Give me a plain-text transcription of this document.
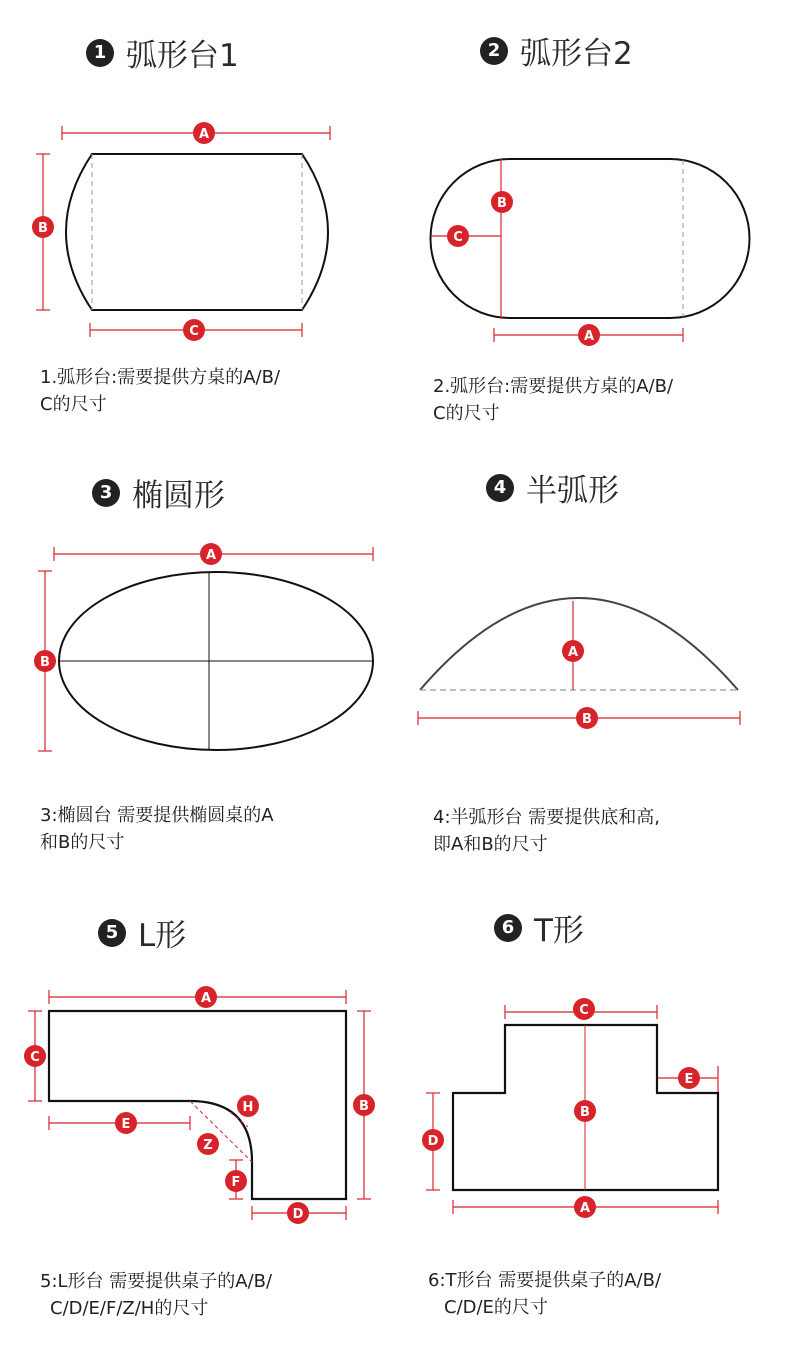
1 弧形台1
A
B
C	A
B
C
A
B
A
B
A
B
C
D
E
F
Z
H
A
B
C
D
E
1.弧形台:需要提供方桌的A/B/
C的尺寸
2 弧形台2
2.弧形台:需要提供方桌的A/B/
C的尺寸
3 椭圆形
3:椭圆台 需要提供椭圆桌的A
和B的尺寸
4 半弧形
4:半弧形台 需要提供底和高,
即A和B的尺寸
5 L形
5:L形台 需要提供桌子的A/B/
C/D/E/F/Z/H的尺寸
6 T形
6:T形台 需要提供桌子的A/B/
C/D/E的尺寸
